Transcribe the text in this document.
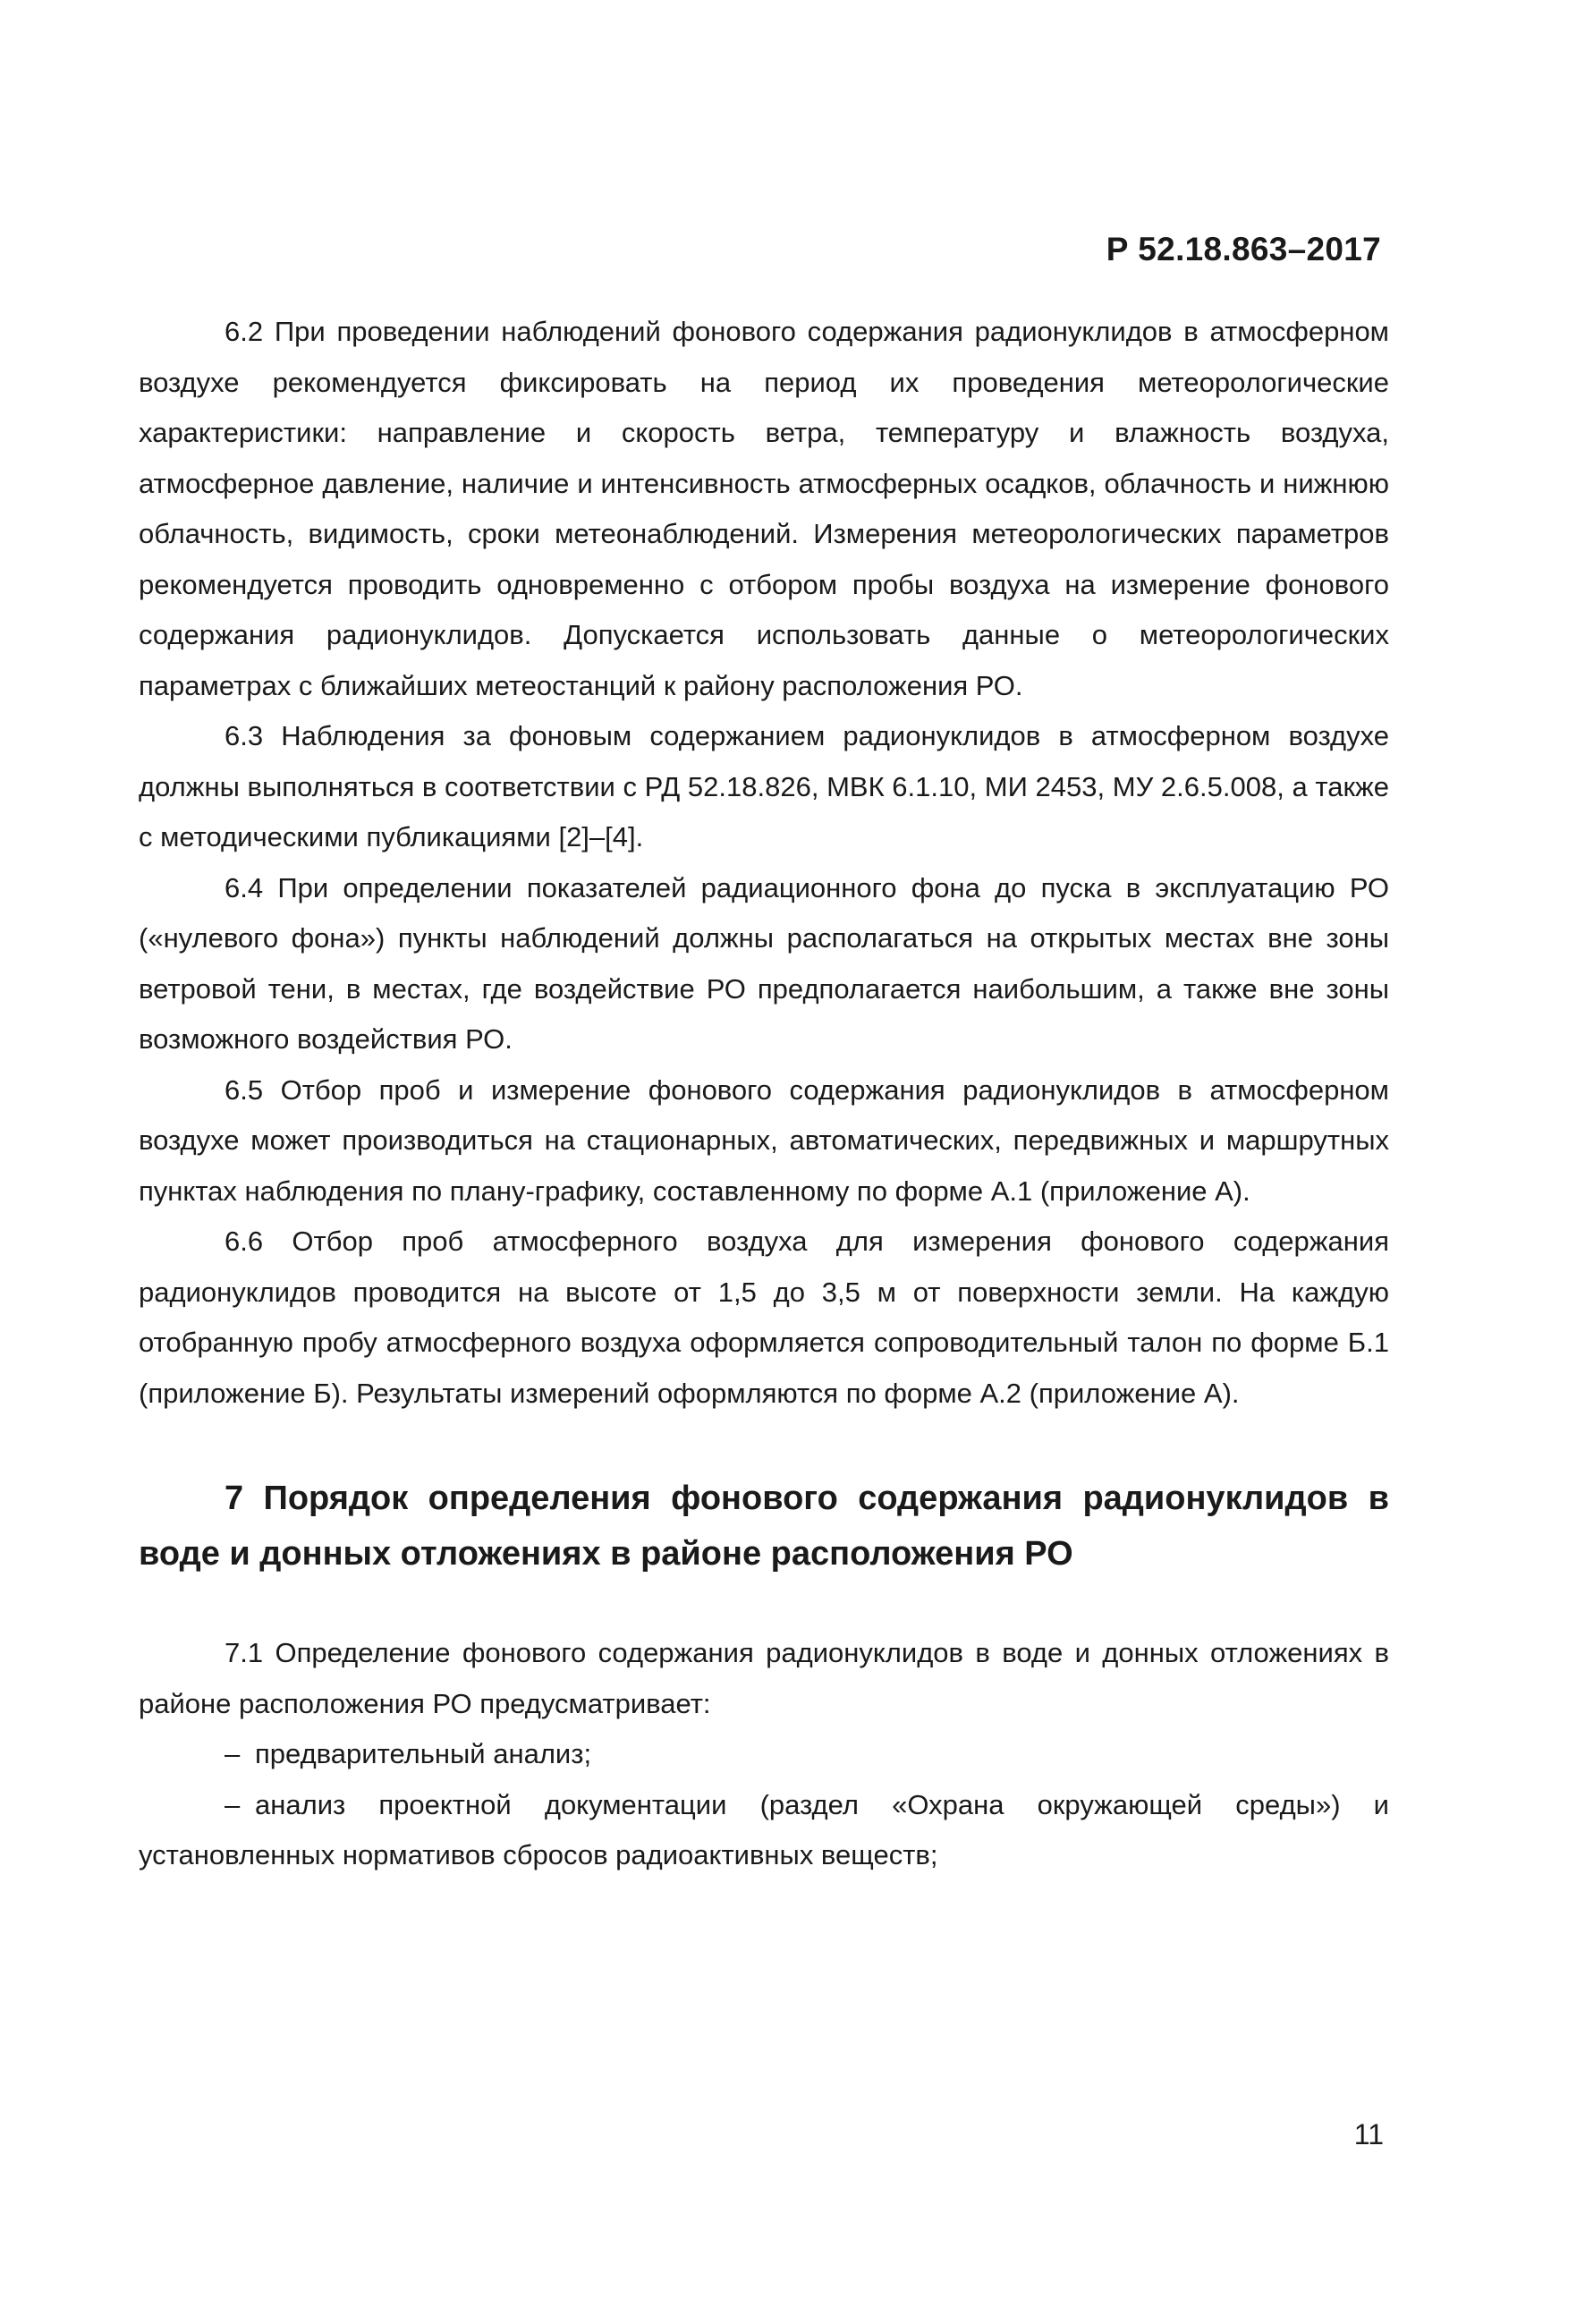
Р 52.18.863–2017

6.2 При проведении наблюдений фонового содержания радионуклидов в атмосферном воздухе рекомендуется фиксировать на период их проведения метеорологические характеристики: направление и скорость ветра, температуру и влажность воздуха, атмосферное давление, наличие и интенсивность атмосферных осадков, облачность и нижнюю облачность, видимость, сроки метеонаблюдений. Измерения метеорологических параметров рекомендуется проводить одновременно с отбором пробы воздуха на измерение фонового содержания радионуклидов. Допускается использовать данные о метеорологических параметрах с ближайших метеостанций к району расположения РО.

6.3 Наблюдения за фоновым содержанием радионуклидов в атмосферном воздухе должны выполняться в соответствии с РД 52.18.826, МВК 6.1.10, МИ 2453, МУ 2.6.5.008, а также с методическими публикациями [2]–[4].

6.4 При определении показателей радиационного фона до пуска в эксплуатацию РО («нулевого фона») пункты наблюдений должны располагаться на открытых местах вне зоны ветровой тени, в местах, где воздействие РО предполагается наибольшим, а также вне зоны возможного воздействия РО.

6.5 Отбор проб и измерение фонового содержания радионуклидов в атмосферном воздухе может производиться на стационарных, автоматических, передвижных и маршрутных пунктах наблюдения по плану-графику, составленному по форме А.1 (приложение А).

6.6 Отбор проб атмосферного воздуха для измерения фонового содержания радионуклидов проводится на высоте от 1,5 до 3,5 м от поверхности земли. На каждую отобранную пробу атмосферного воздуха оформляется сопроводительный талон по форме Б.1 (приложение Б). Результаты измерений оформляются по форме А.2 (приложение А).

7 Порядок определения фонового содержания радионуклидов в воде и донных отложениях в районе расположения РО

7.1 Определение фонового содержания радионуклидов в воде и донных отложениях в районе расположения РО предусматривает:

– предварительный анализ;

– анализ проектной документации (раздел «Охрана окружающей среды») и установленных нормативов сбросов радиоактивных веществ;

11
